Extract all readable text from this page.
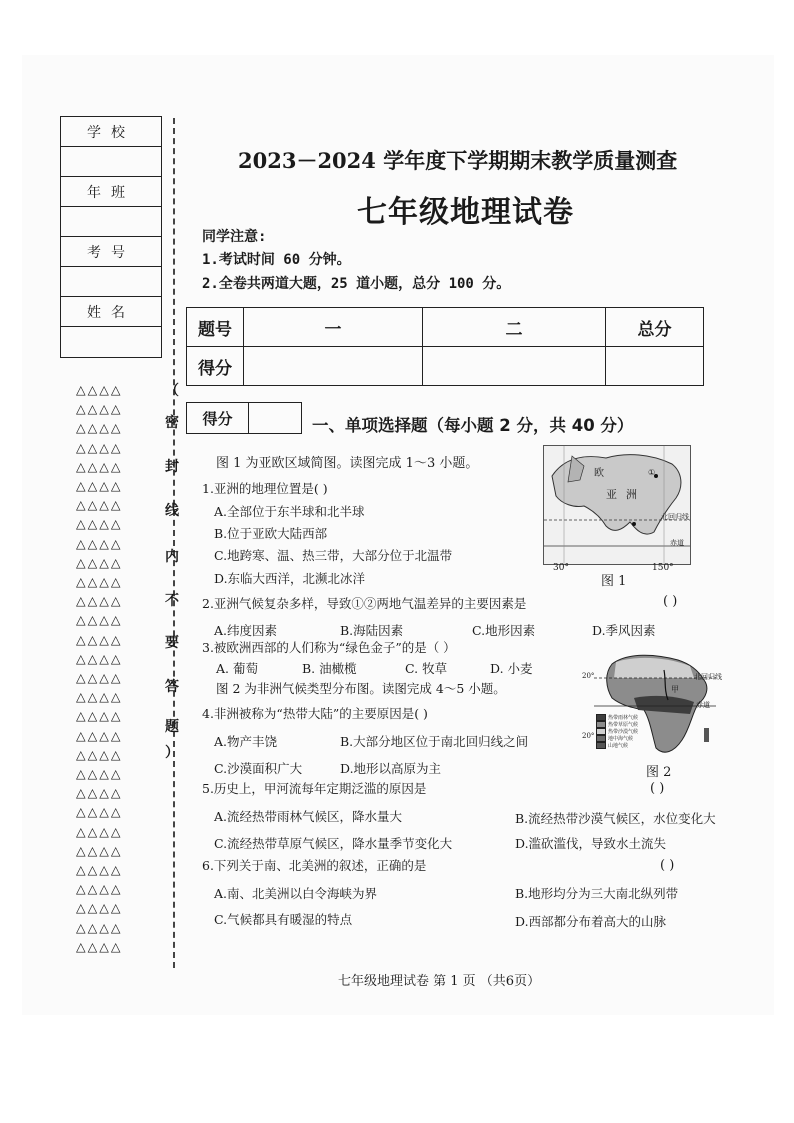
学校
年班
考号
姓名
△△△△
△△△△
△△△△
△△△△
△△△△
△△△△
△△△△
△△△△
△△△△
△△△△
△△△△
△△△△
△△△△
△△△△
△△△△
△△△△
△△△△
△△△△
△△△△
△△△△
△△△△
△△△△
△△△△
△△△△
△△△△
△△△△
△△△△
△△△△
△△△△
△△△△
（
密
封
线
内
不
要
答
题
）
2023－2024 学年度下学期期末教学质量测查
七年级地理试卷
同学注意:
1.考试时间 60 分钟。
2.全卷共两道大题，25 道小题，总分 100 分。
题号	一	二	总分
得分			
得分	一、单项选择题（每小题 2 分，共 40 分）
图 1 为亚欧区域简图。读图完成 1～3 小题。
1.亚洲的地理位置是( )
A.全部位于东半球和北半球
B.位于亚欧大陆西部
C.地跨寒、温、热三带，大部分位于北温带
D.东临大西洋，北濒北冰洋
欧
亚 洲
北回归线
赤道
①
30°	150°
图 1
2.亚洲气候复杂多样，导致①②两地气温差异的主要因素是	( )
A.纬度因素	B.海陆因素	C.地形因素	D.季风因素
3.被欧洲西部的人们称为“绿色金子”的是（ ）
A. 葡萄	B. 油橄榄	C. 牧草	D. 小麦
图 2 为非洲气候类型分布图。读图完成 4～5 小题。
热带雨林气候
热带草原气候
热带沙漠气候
地中海气候
山地气候
北回归线
赤道
20°
20°
甲
图 2
4.非洲被称为“热带大陆”的主要原因是( )
A.物产丰饶	B.大部分地区位于南北回归线之间
C.沙漠面积广大	D.地形以高原为主
( )
5.历史上，甲河流每年定期泛滥的原因是
A.流经热带雨林气候区，降水量大	B.流经热带沙漠气候区，水位变化大
C.流经热带草原气候区，降水量季节变化大	D.滥砍滥伐，导致水土流失
( )
6.下列关于南、北美洲的叙述，正确的是
A.南、北美洲以白令海峡为界	B.地形均分为三大南北纵列带
C.气候都具有暖湿的特点	D.西部都分布着高大的山脉
七年级地理试卷 第 1 页 （共6页）
